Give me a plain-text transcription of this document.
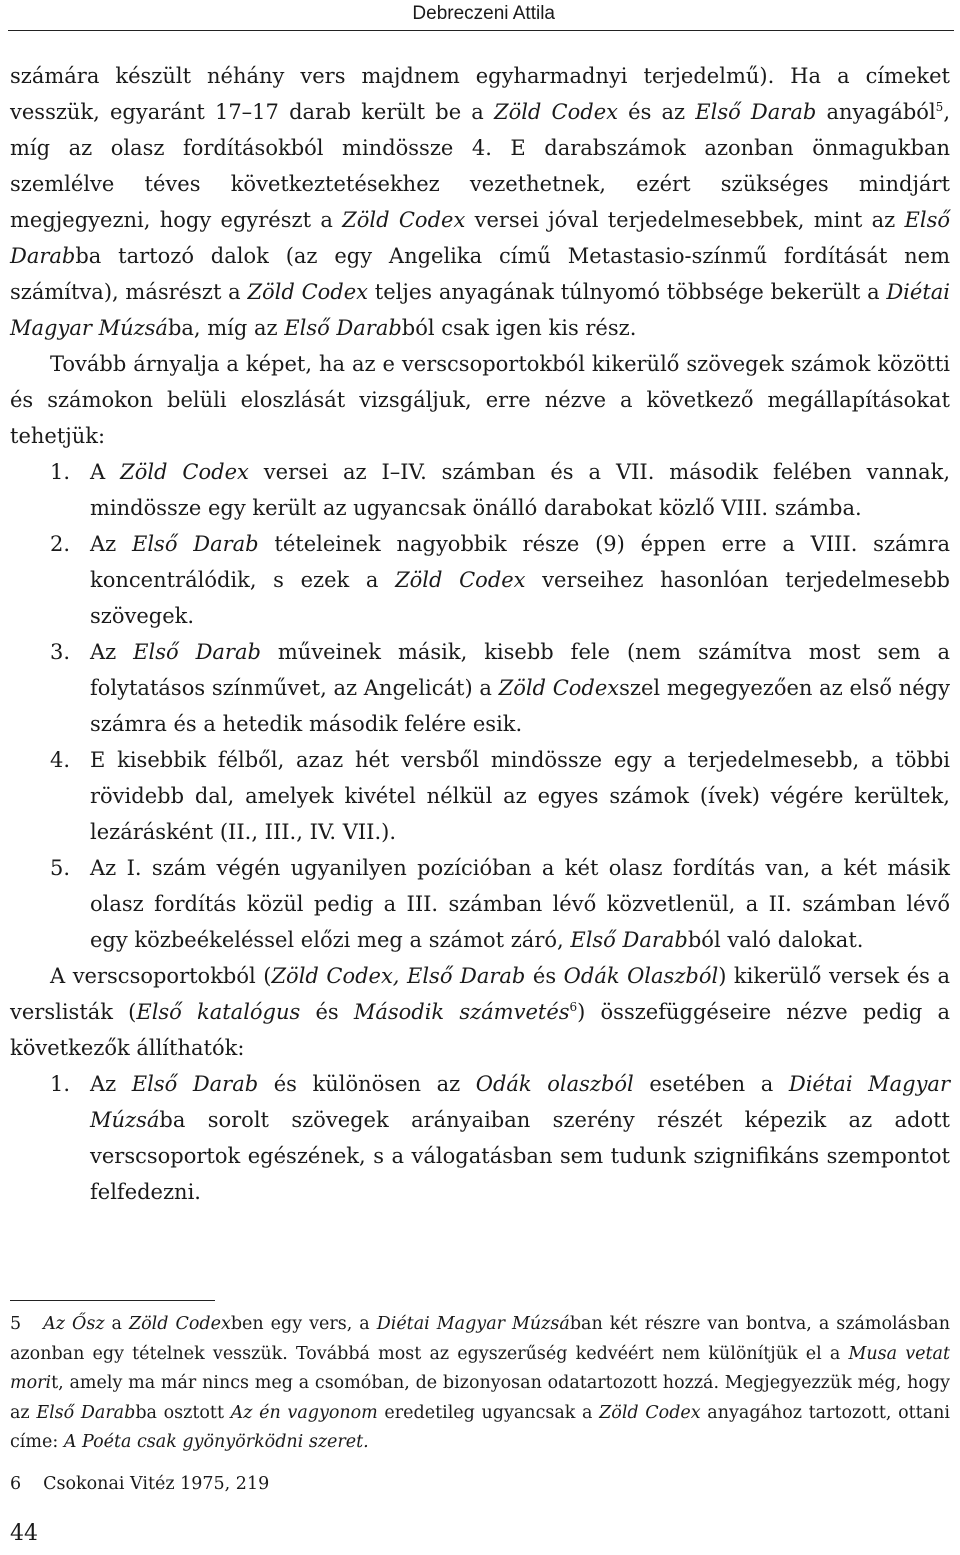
Debreczeni Attila

számára készült néhány vers majdnem egyharmadnyi terjedelmű). Ha a címeket vesszük, egyaránt 17–17 darab került be a Zöld Codex és az Első Darab anyagából$^5$, míg az olasz fordításokból mindössze 4. E darabszámok azonban önmagukban szemlélve téves következtetésekhez vezethetnek, ezért szükséges mindjárt megjegyezni, hogy egyrészt a Zöld Codex versei jóval terjedelmesebbek, mint az Első Darabba tartozó dalok (az egy Angelika című Metastasio-színmű fordítását nem számítva), másrészt a Zöld Codex teljes anyagának túlnyomó többsége bekerült a Diétai Magyar Múzsába, míg az Első Darabból csak igen kis rész.

Tovább árnyalja a képet, ha az e verscsoportokból kikerülő szövegek számok közötti és számokon belüli eloszlását vizsgáljuk, erre nézve a következő megállapításokat tehetjük:

1. A Zöld Codex versei az I–IV. számban és a VII. második felében vannak, mindössze egy került az ugyancsak önálló darabokat közlő VIII. számba.
2. Az Első Darab tételeinek nagyobbik része (9) éppen erre a VIII. számra koncentrálódik, s ezek a Zöld Codex verseihez hasonlóan terjedelmesebb szövegek.
3. Az Első Darab műveinek másik, kisebb fele (nem számítva most sem a folytatásos színművet, az Angelicát) a Zöld Codexszel megegyezően az első négy számra és a hetedik második felére esik.
4. E kisebbik félből, azaz hét versből mindössze egy a terjedelmesebb, a többi rövidebb dal, amelyek kivétel nélkül az egyes számok (ívek) végére kerültek, lezárásként (II., III., IV. VII.).
5. Az I. szám végén ugyanilyen pozícióban a két olasz fordítás van, a két másik olasz fordítás közül pedig a III. számban lévő közvetlenül, a II. számban lévő egy közbeékeléssel előzi meg a számot záró, Első Darabból való dalokat.

A verscsoportokból (Zöld Codex, Első Darab és Odák Olaszból) kikerülő versek és a verslisták (Első katalógus és Második számvetés$^6$) összefüggéseire nézve pedig a következők állíthatók:

1. Az Első Darab és különösen az Odák olaszból esetében a Diétai Magyar Múzsába sorolt szövegek arányaiban szerény részét képezik az adott verscsoportok egészének, s a válogatásban sem tudunk szignifikáns szempontot felfedezni.

5 Az Ősz a Zöld Codexben egy vers, a Diétai Magyar Múzsában két részre van bontva, a számolásban azonban egy tételnek vesszük. Továbbá most az egyszerűség kedvéért nem különítjük el a Musa vetat morit, amely ma már nincs meg a csomóban, de bizonyosan odatartozott hozzá. Megjegyezzük még, hogy az Első Darabba osztott Az én vagyonom eredetileg ugyancsak a Zöld Codex anyagához tartozott, ottani címe: A Poéta csak gyönyörködni szeret.

6 Csokonai Vitéz 1975, 219

44
